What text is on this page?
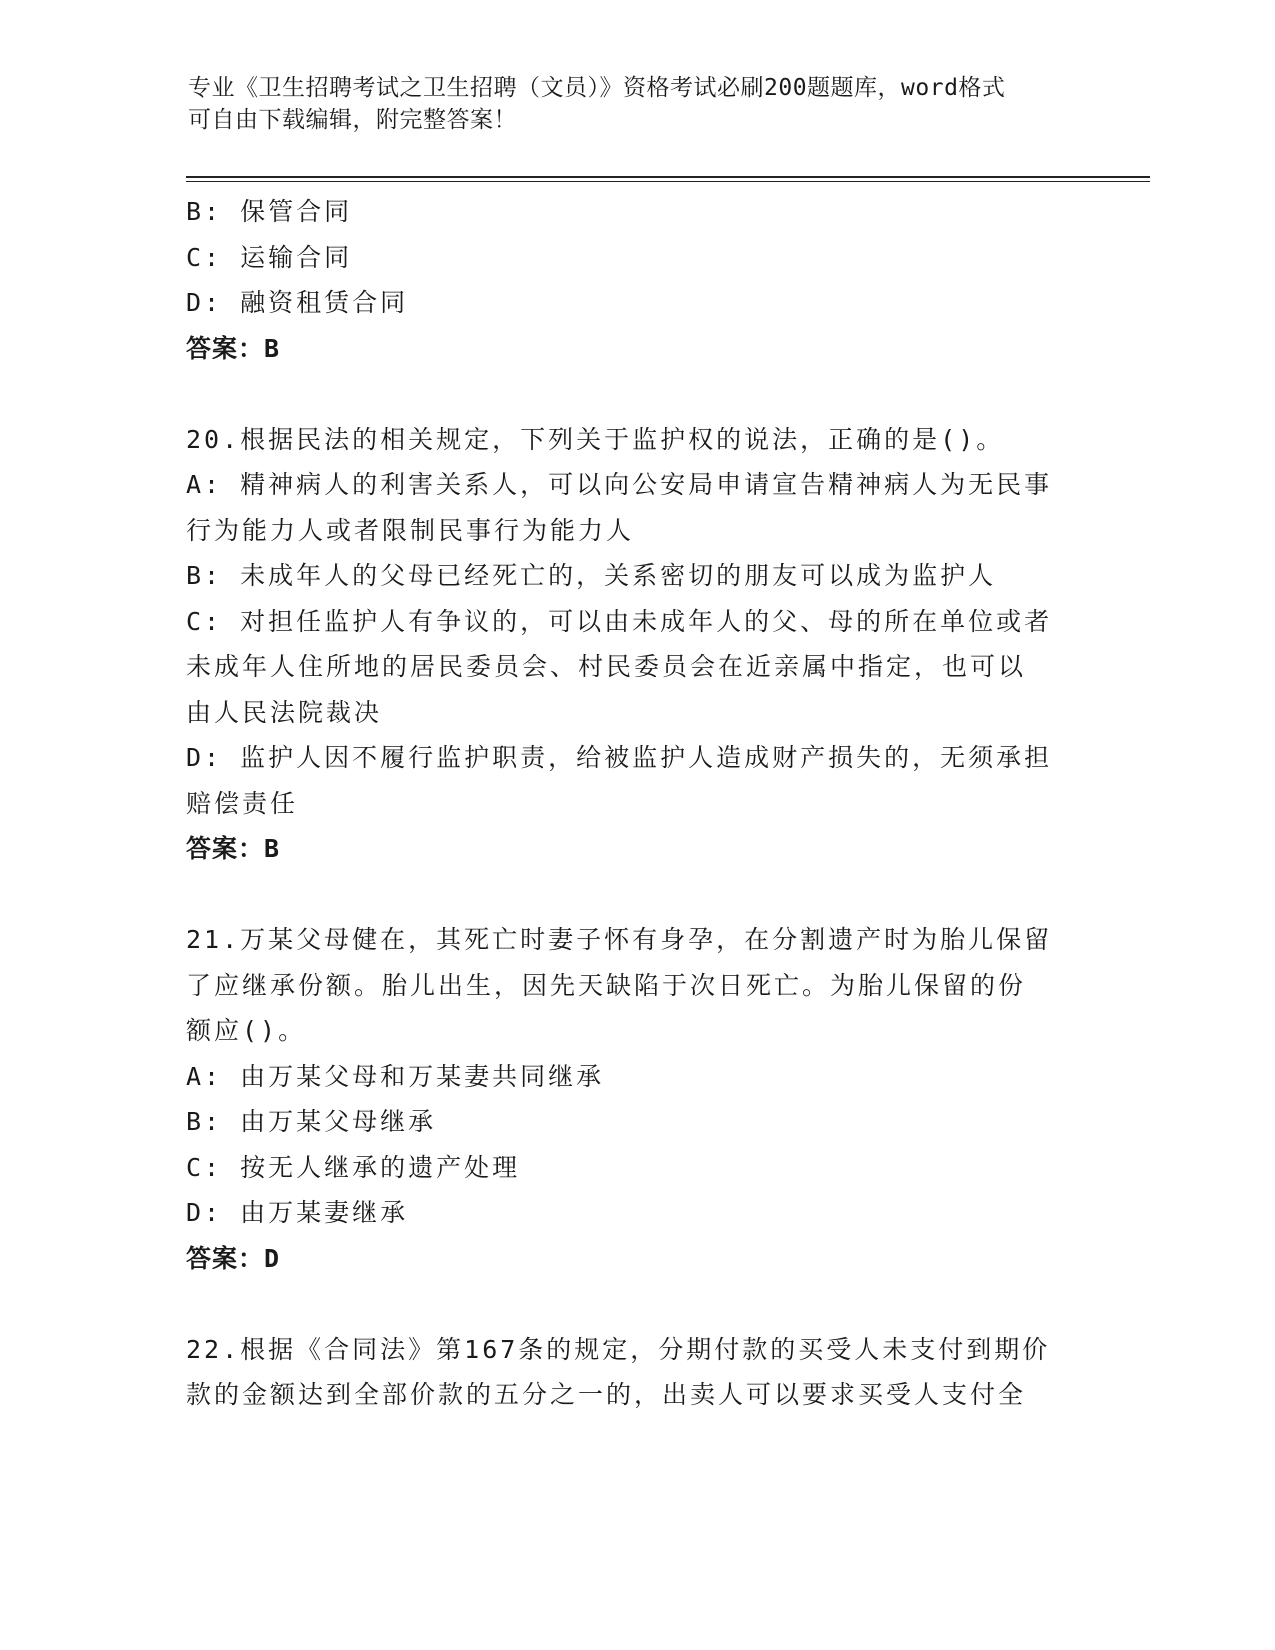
专业《卫生招聘考试之卫生招聘（文员）》资格考试必刷200题题库，word格式
可自由下载编辑，附完整答案！
B: 保管合同
C: 运输合同
D: 融资租赁合同
答案：B
20.根据民法的相关规定，下列关于监护权的说法，正确的是()。
A: 精神病人的利害关系人，可以向公安局申请宣告精神病人为无民事
行为能力人或者限制民事行为能力人
B: 未成年人的父母已经死亡的，关系密切的朋友可以成为监护人
C: 对担任监护人有争议的，可以由未成年人的父、母的所在单位或者
未成年人住所地的居民委员会、村民委员会在近亲属中指定，也可以
由人民法院裁决
D: 监护人因不履行监护职责，给被监护人造成财产损失的，无须承担
赔偿责任
答案：B
21.万某父母健在，其死亡时妻子怀有身孕，在分割遗产时为胎儿保留
了应继承份额。胎儿出生，因先天缺陷于次日死亡。为胎儿保留的份
额应()。
A: 由万某父母和万某妻共同继承
B: 由万某父母继承
C: 按无人继承的遗产处理
D: 由万某妻继承
答案：D
22.根据《合同法》第167条的规定，分期付款的买受人未支付到期价
款的金额达到全部价款的五分之一的，出卖人可以要求买受人支付全
